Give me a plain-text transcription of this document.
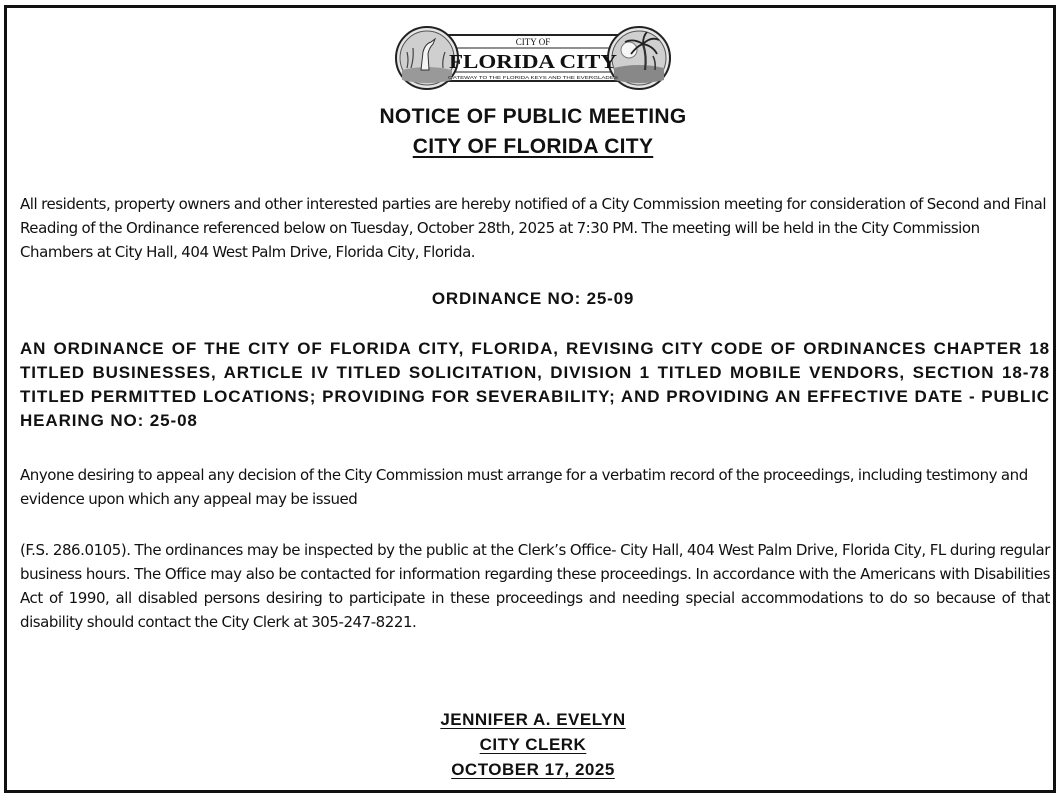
CITY OF
FLORIDA CITY
GATEWAY TO THE FLORIDA KEYS AND THE EVERGLADES
NOTICE OF PUBLIC MEETING
CITY OF FLORIDA CITY

All residents, property owners and other interested parties are hereby notified of a City Commission meeting for consideration of Second and Final Reading of the Ordinance referenced below on Tuesday, October 28th, 2025 at 7:30 PM. The meeting will be held in the City Commission Chambers at City Hall, 404 West Palm Drive, Florida City, Florida.

ORDINANCE NO: 25-09

AN ORDINANCE OF THE CITY OF FLORIDA CITY, FLORIDA, REVISING CITY CODE OF ORDINANCES CHAPTER 18 TITLED BUSINESSES, ARTICLE IV TITLED SOLICITATION, DIVISION 1 TITLED MOBILE VENDORS, SECTION 18-78 TITLED PERMITTED LOCATIONS; PROVIDING FOR SEVERABILITY; AND PROVIDING AN EFFECTIVE DATE - PUBLIC HEARING NO: 25-08

Anyone desiring to appeal any decision of the City Commission must arrange for a verbatim record of the proceedings, including testimony and evidence upon which any appeal may be issued

(F.S. 286.0105). The ordinances may be inspected by the public at the Clerk’s Office- City Hall, 404 West Palm Drive, Florida City, FL during regular business hours. The Office may also be contacted for information regarding these proceedings. In accordance with the Americans with Disabilities Act of 1990, all disabled persons desiring to participate in these proceedings and needing special accommodations to do so because of that disability should contact the City Clerk at 305-247-8221.

JENNIFER A. EVELYN
CITY CLERK
OCTOBER 17, 2025
